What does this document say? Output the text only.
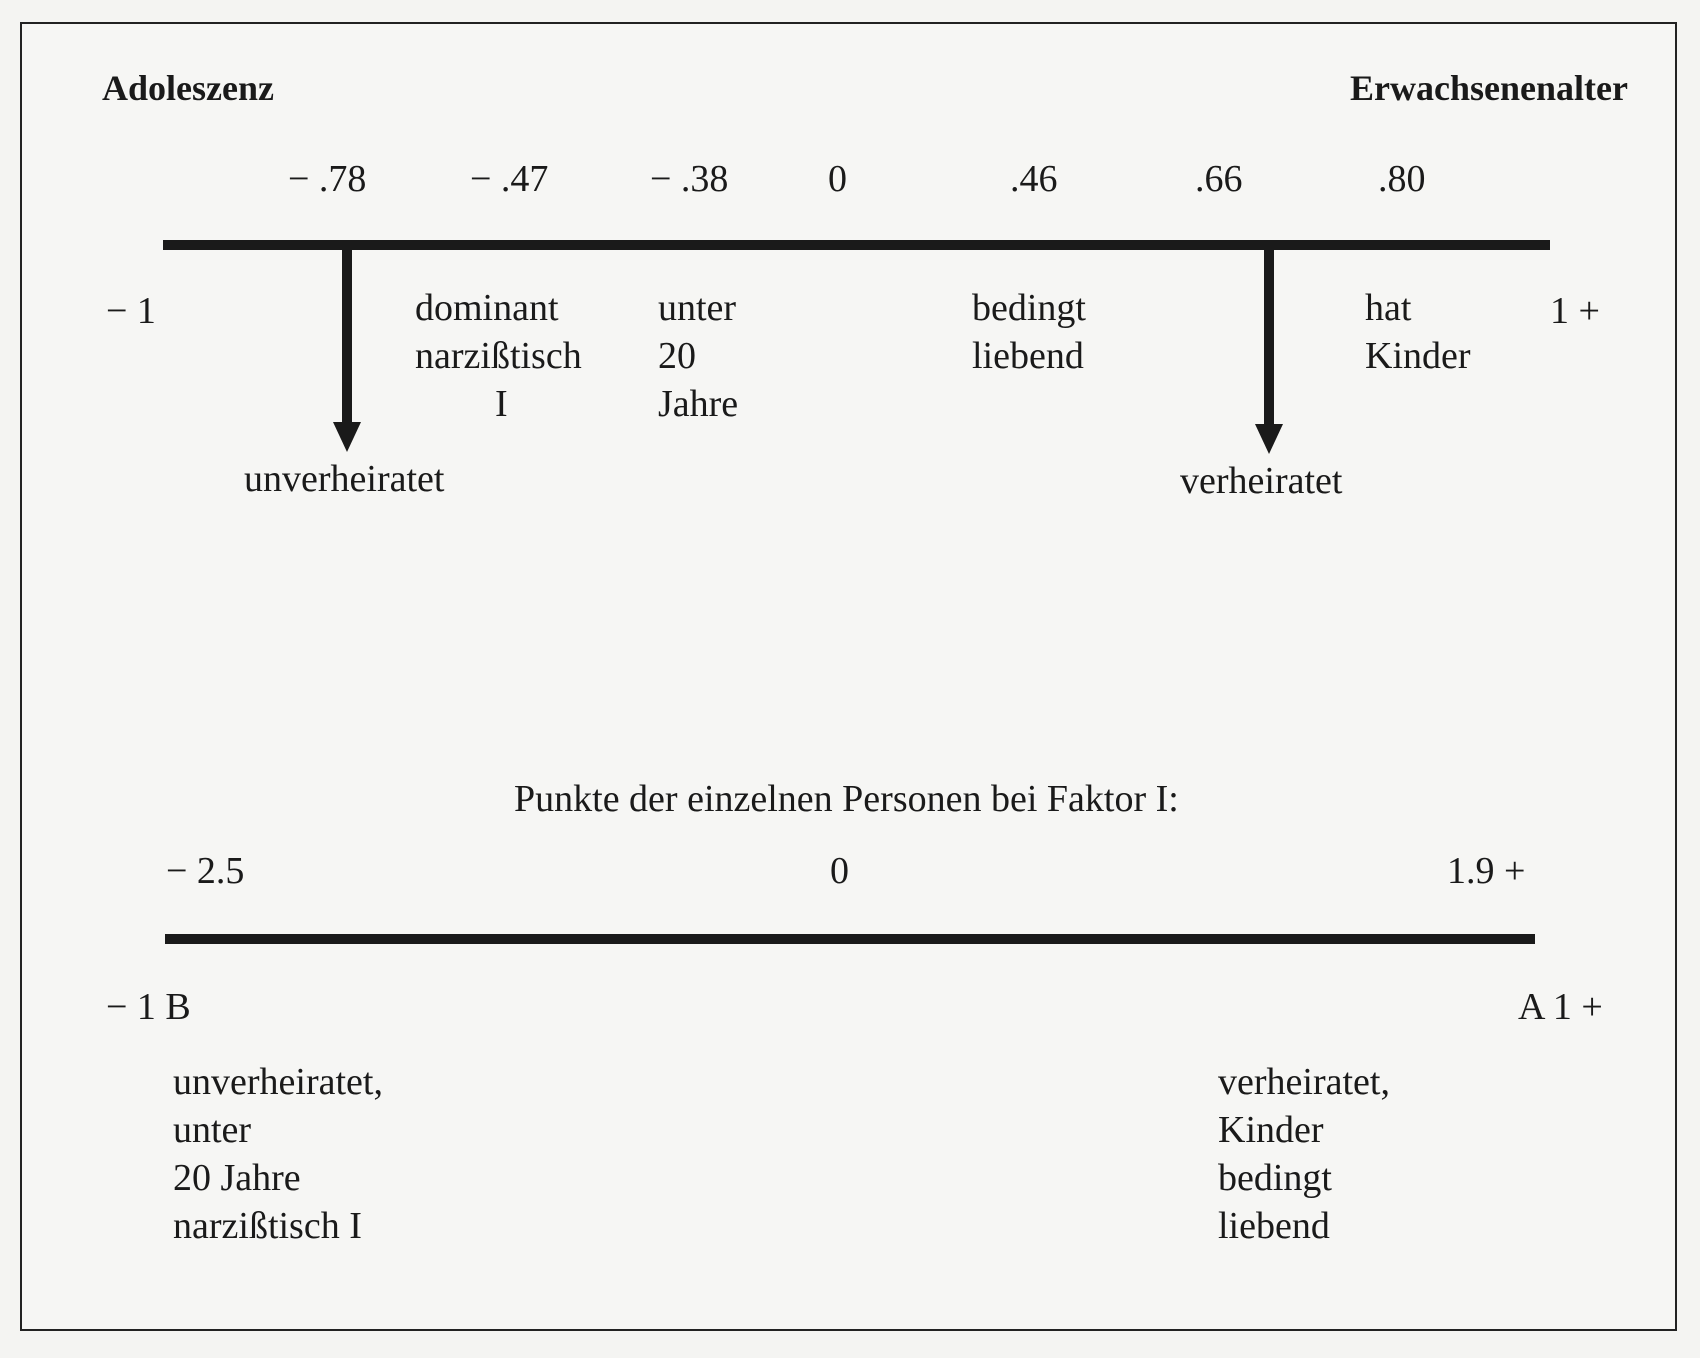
Adoleszenz	Erwachsenenalter
− .78	− .47	− .38	0	.46	.66	.80
− 1	1 +
unverheiratet	verheiratet
dominant
narzißtisch
I
unter
20
Jahre
bedingt
liebend
hat
Kinder
Punkte der einzelnen Personen bei Faktor I:
− 2.5	0	1.9 +
− 1 B	A 1 +
unverheiratet,
unter
20 Jahre
narzißtisch I
verheiratet,
Kinder
bedingt
liebend
